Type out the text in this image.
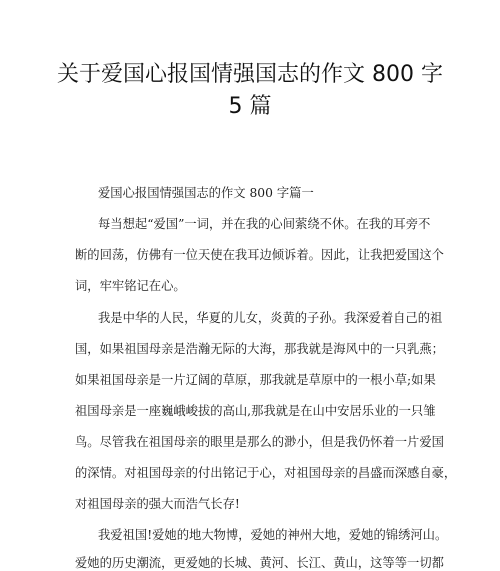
关于爱国心报国情强国志的作文 800 字
5 篇

爱国心报国情强国志的作文 800 字篇一

每当想起“爱国”一词，并在我的心间萦绕不休。在我的耳旁不

断的回荡，仿佛有一位天使在我耳边倾诉着。因此，让我把爱国这个

词，牢牢铭记在心。

我是中华的人民，华夏的儿女，炎黄的子孙。我深爱着自己的祖

国，如果祖国母亲是浩瀚无际的大海，那我就是海风中的一只乳燕；

如果祖国母亲是一片辽阔的草原，那我就是草原中的一根小草;如果

祖国母亲是一座巍峨峻拔的高山,那我就是在山中安居乐业的一只雏

鸟。尽管我在祖国母亲的眼里是那么的渺小，但是我仍怀着一片爱国

的深情。对祖国母亲的付出铭记于心，对祖国母亲的昌盛而深感自豪，

对祖国母亲的强大而浩气长存!

我爱祖国!爱她的地大物博，爱她的神州大地，爱她的锦绣河山。

爱她的历史潮流，更爱她的长城、黄河、长江、黄山，这等等一切都
